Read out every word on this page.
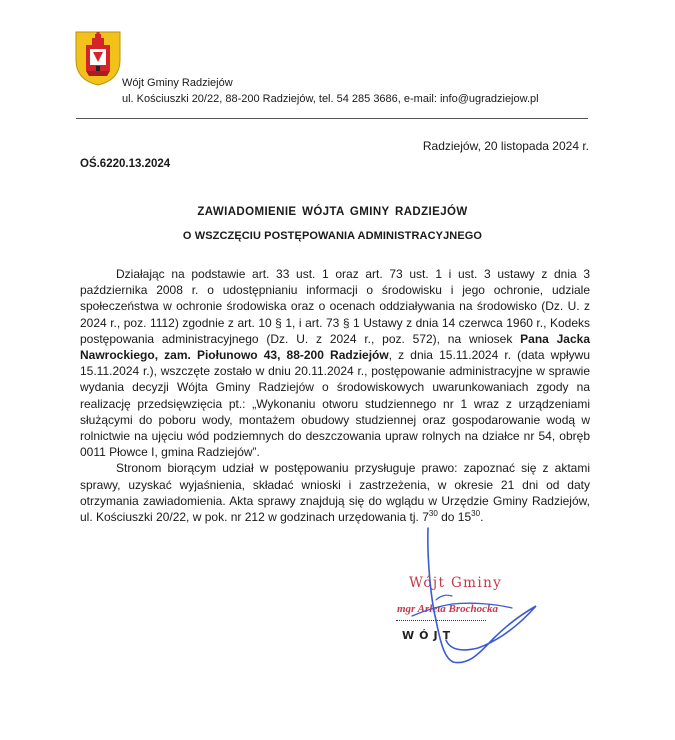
Wójt Gminy Radziejów
ul. Kościuszki 20/22, 88-200 Radziejów, tel. 54 285 3686, e-mail: info@ugradziejow.pl
Radziejów, 20 listopada 2024 r.
OŚ.6220.13.2024
ZAWIADOMIENIE WÓJTA GMINY RADZIEJÓW
O WSZCZĘCIU POSTĘPOWANIA ADMINISTRACYJNEGO

Działając na podstawie art. 33 ust. 1 oraz art. 73 ust. 1 i ust. 3 ustawy z dnia 3 października 2008 r. o udostępnianiu informacji o środowisku i jego ochronie, udziale społeczeństwa w ochronie środowiska oraz o ocenach oddziaływania na środowisko (Dz. U. z 2024 r., poz. 1112) zgodnie z art. 10 § 1, i art. 73 § 1 Ustawy z dnia 14 czerwca 1960 r., Kodeks postępowania administracyjnego (Dz. U. z 2024 r., poz. 572), na wniosek Pana Jacka Nawrockiego, zam. Piołunowo 43, 88-200 Radziejów, z dnia 15.11.2024 r. (data wpływu 15.11.2024 r.), wszczęte zostało w dniu 20.11.2024 r., postępowanie administracyjne w sprawie wydania decyzji Wójta Gminy Radziejów o środowiskowych uwarunkowaniach zgody na realizację przedsięwzięcia pt.: „Wykonaniu otworu studziennego nr 1 wraz z urządzeniami służącymi do poboru wody, montażem obudowy studziennej oraz gospodarowanie wodą w rolnictwie na ujęciu wód podziemnych do deszczowania upraw rolnych na działce nr 54, obręb 0011 Płowce I, gmina Radziejów”.

Stronom biorącym udział w postępowaniu przysługuje prawo: zapoznać się z aktami sprawy, uzyskać wyjaśnienia, składać wnioski i zastrzeżenia, w okresie 21 dni od daty otrzymania zawiadomienia. Akta sprawy znajdują się do wglądu w Urzędzie Gminy Radziejów, ul. Kościuszki 20/22, w pok. nr 212 w godzinach urzędowania tj. $7^{30}$ do $15^{30}$.

Wójt Gminy
mgr Arleta Brochocka
WÓJT
